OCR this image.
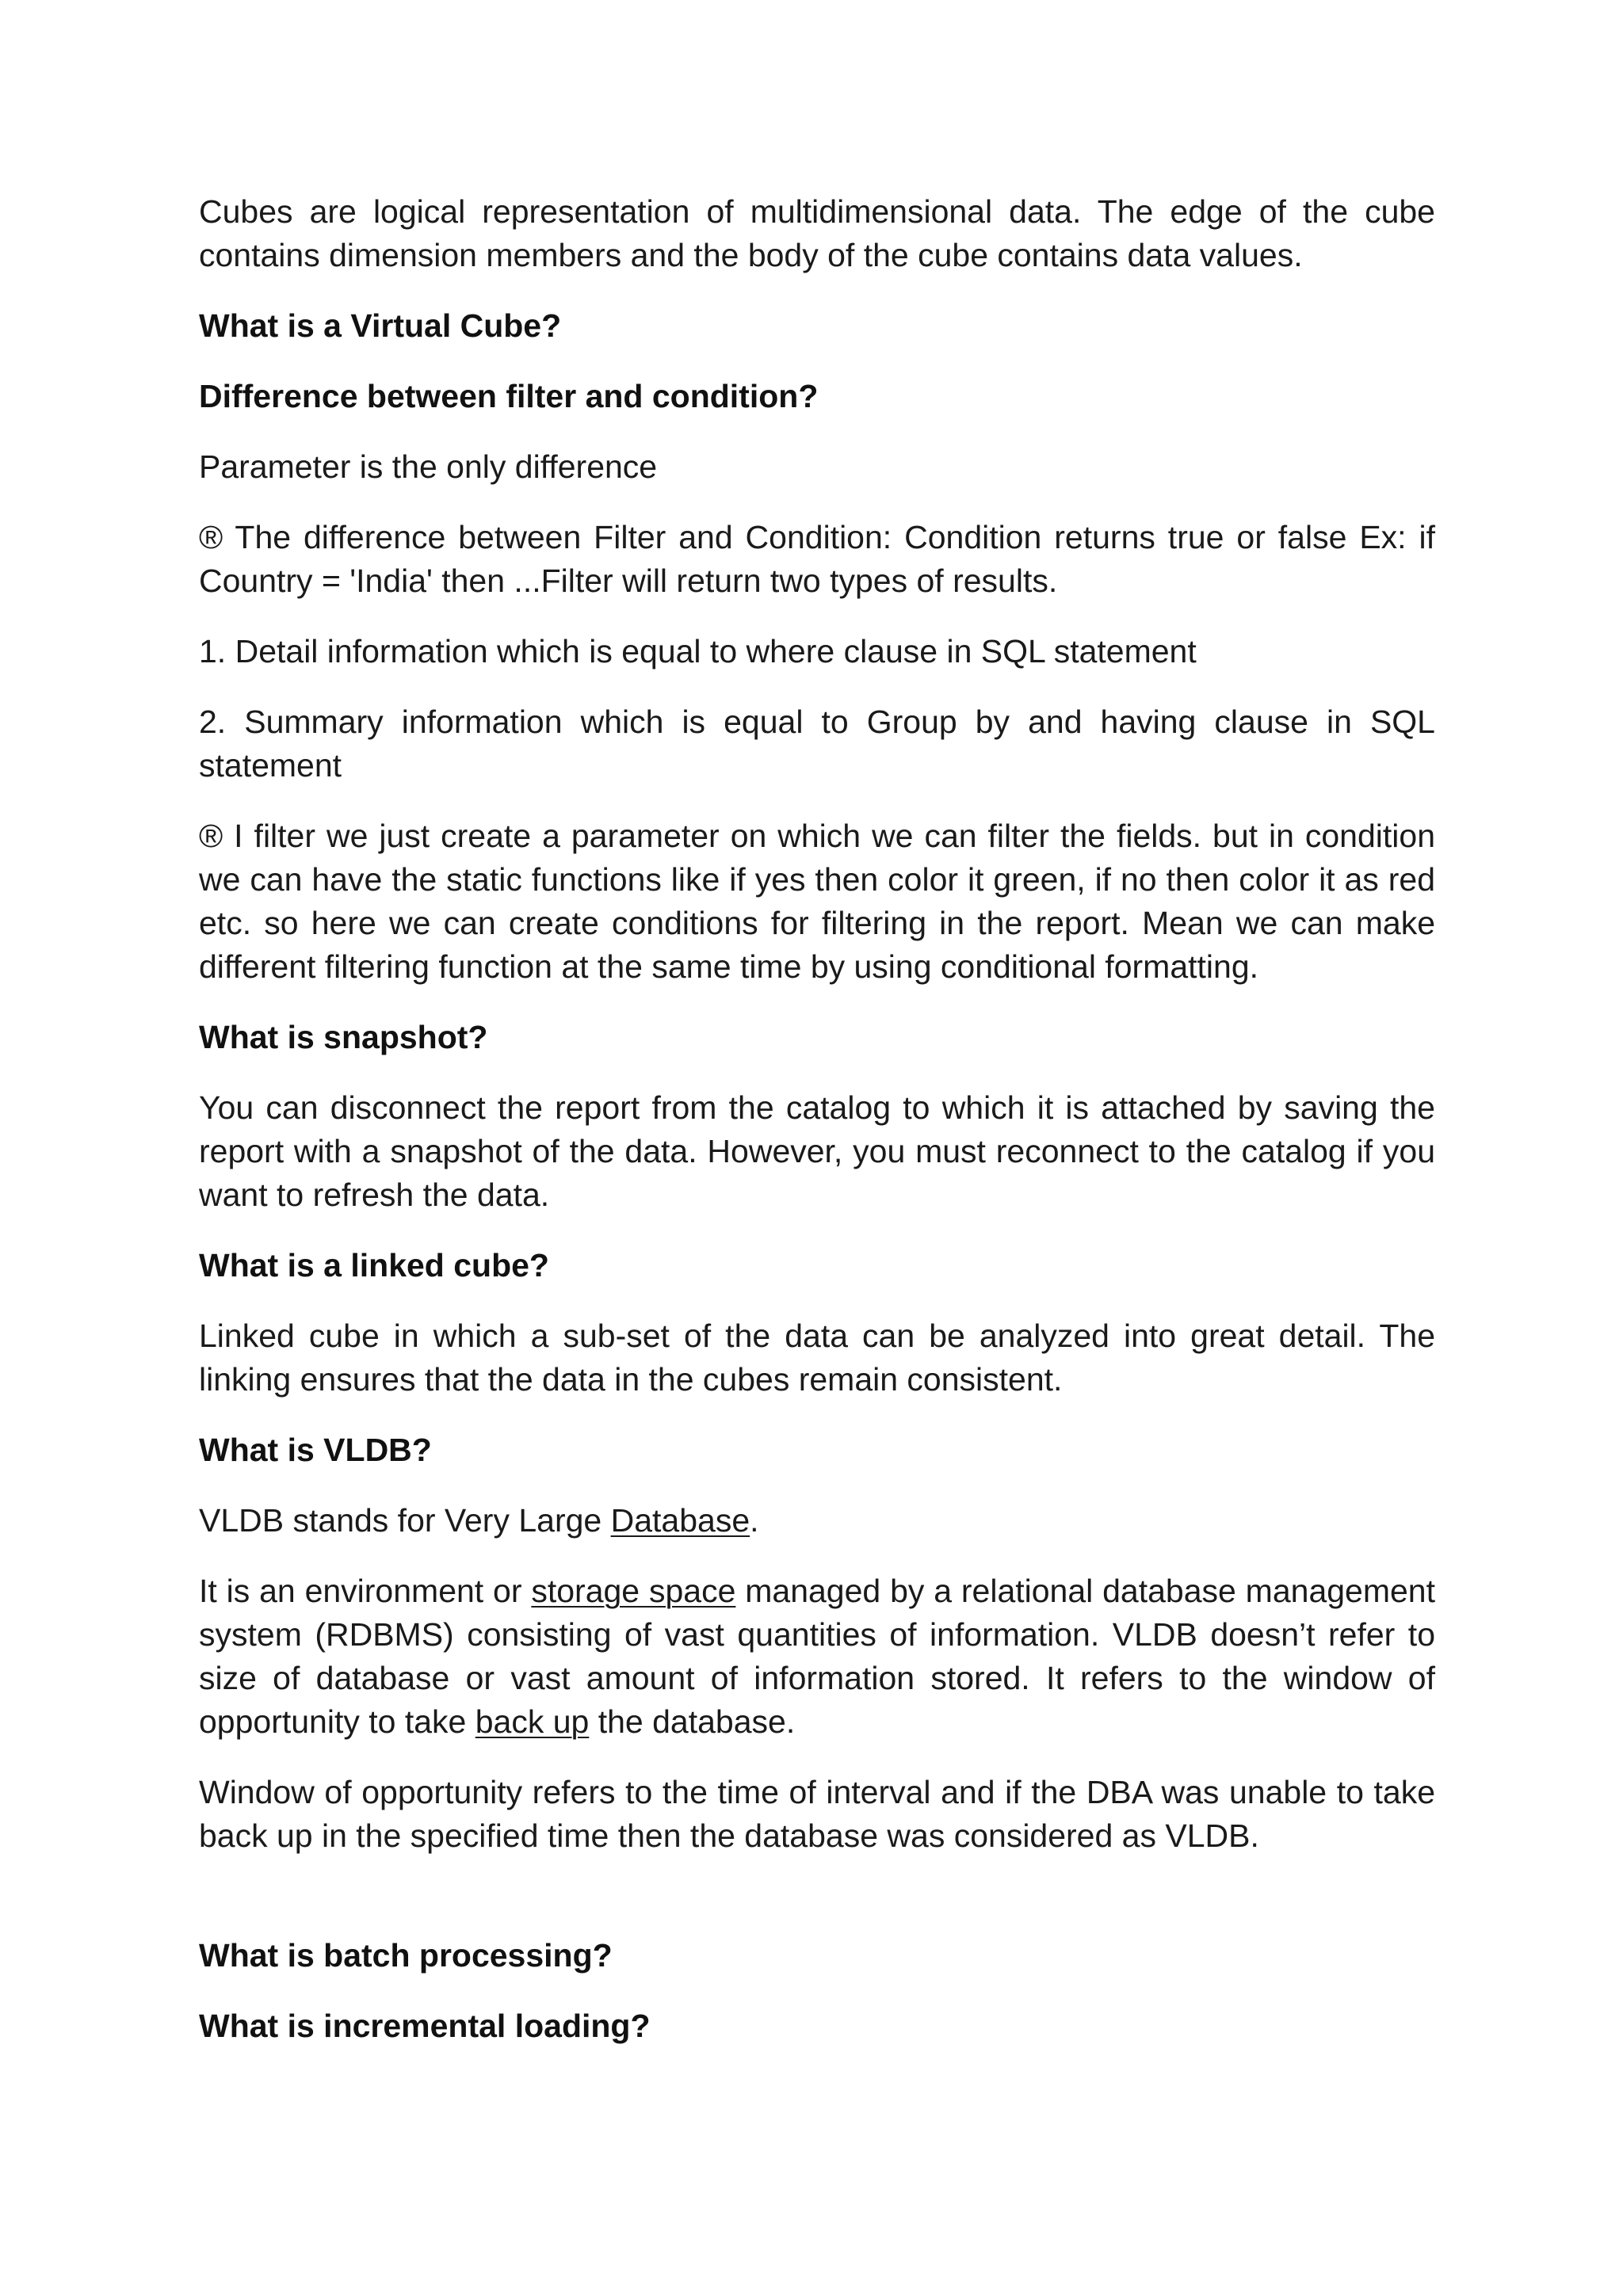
Cubes are logical representation of multidimensional data. The edge of the cube contains dimension members and the body of the cube contains data values.

What is a Virtual Cube?
Difference between filter and condition?

Parameter is the only difference

® The difference between Filter and Condition: Condition returns true or false Ex: if Country = 'India' then ...Filter will return two types of results.

1. Detail information which is equal to where clause in SQL statement

2. Summary information which is equal to Group by and having clause in SQL statement

® I filter we just create a parameter on which we can filter the fields. but in condition we can have the static functions like if yes then color it green, if no then color it as red etc. so here we can create conditions for filtering in the report. Mean we can make different filtering function at the same time by using conditional formatting.

What is snapshot?

You can disconnect the report from the catalog to which it is attached by saving the report with a snapshot of the data. However, you must reconnect to the catalog if you want to refresh the data.

What is a linked cube?

Linked cube in which a sub-set of the data can be analyzed into great detail. The linking ensures that the data in the cubes remain consistent.

What is VLDB?

VLDB stands for Very Large Database.

It is an environment or storage space managed by a relational database management system (RDBMS) consisting of vast quantities of information. VLDB doesn’t refer to size of database or vast amount of information stored. It refers to the window of opportunity to take back up the database.

Window of opportunity refers to the time of interval and if the DBA was unable to take back up in the specified time then the database was considered as VLDB.

What is batch processing?
What is incremental loading?
